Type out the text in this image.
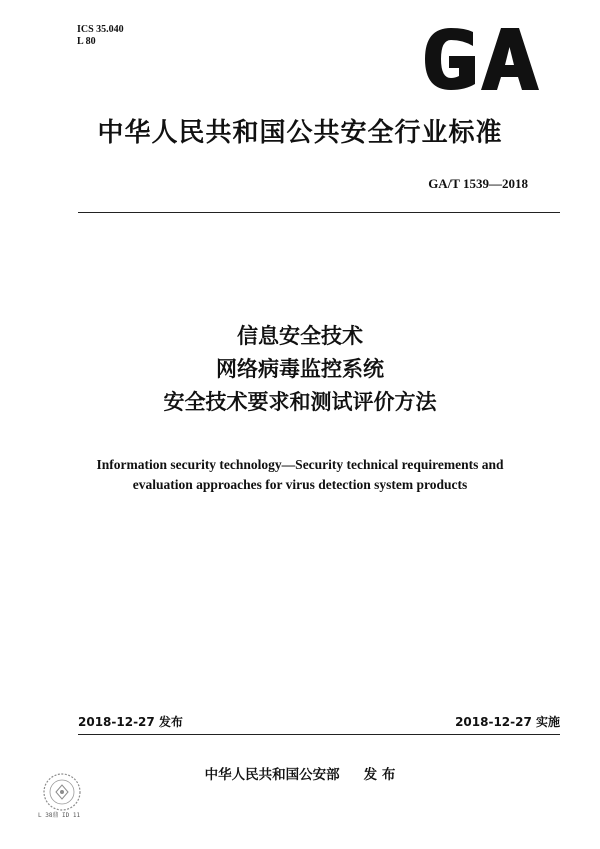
ICS 35.040
L 80
中华人民共和国公共安全行业标准
GA/T 1539—2018
信息安全技术
网络病毒监控系统
安全技术要求和测试评价方法
Information security technology—Security technical requirements and
evaluation approaches for virus detection system products
2018-12-27 发布	2018-12-27 实施
中华人民共和国公安部 发 布
L 38鼎 ID 11
